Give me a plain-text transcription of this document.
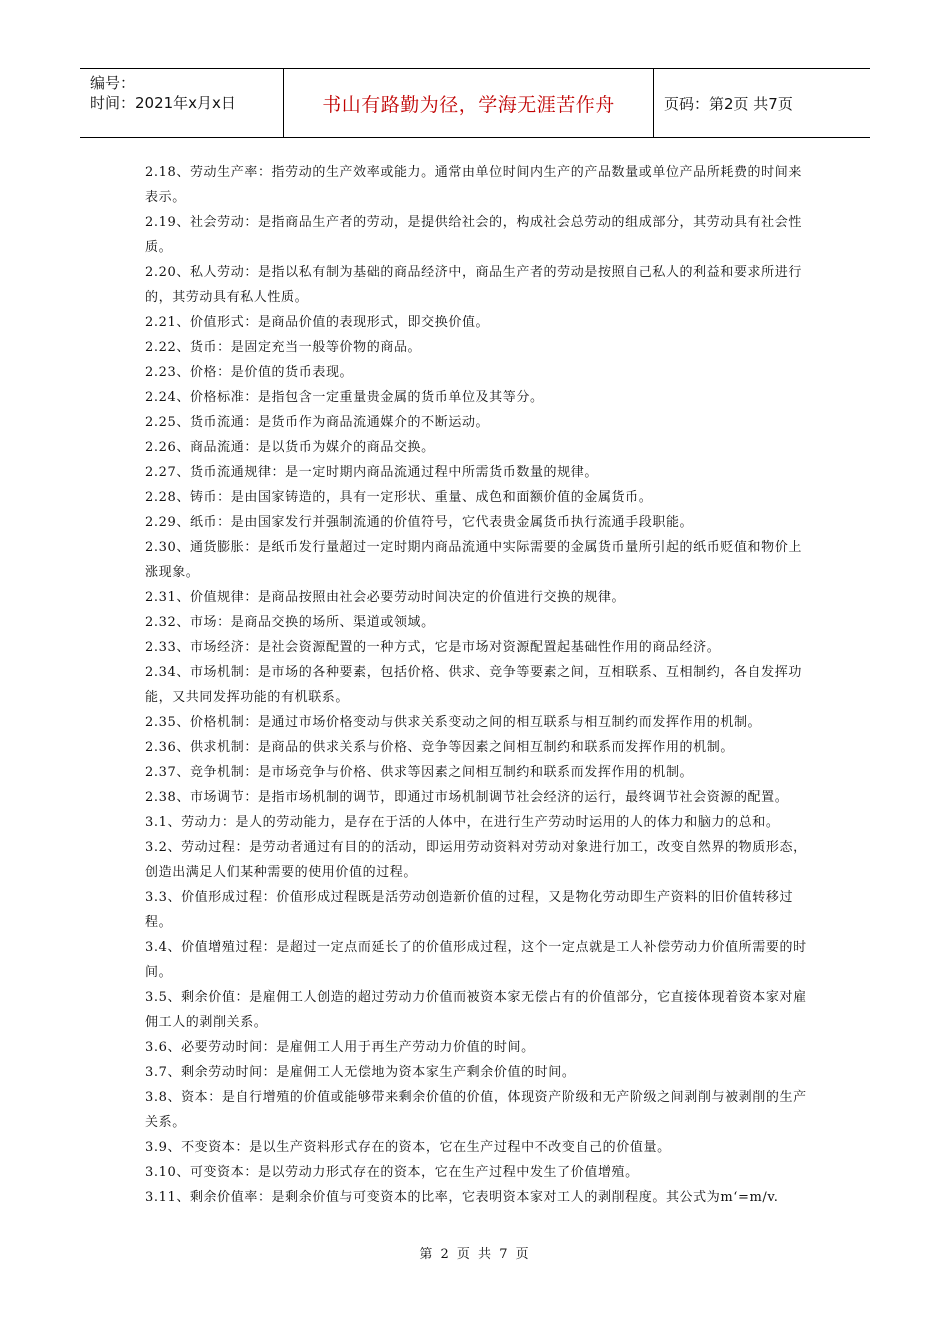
编号：
时间：2021年x月x日	书山有路勤为径，学海无涯苦作舟	页码：第2页 共7页

2.18、劳动生产率：指劳动的生产效率或能力。通常由单位时间内生产的产品数量或单位产品所耗费的时间来表示。

2.19、社会劳动：是指商品生产者的劳动，是提供给社会的，构成社会总劳动的组成部分，其劳动具有社会性质。

2.20、私人劳动：是指以私有制为基础的商品经济中，商品生产者的劳动是按照自己私人的利益和要求所进行的，其劳动具有私人性质。

2.21、价值形式：是商品价值的表现形式，即交换价值。

2.22、货币：是固定充当一般等价物的商品。

2.23、价格：是价值的货币表现。

2.24、价格标准：是指包含一定重量贵金属的货币单位及其等分。

2.25、货币流通：是货币作为商品流通媒介的不断运动。

2.26、商品流通：是以货币为媒介的商品交换。

2.27、货币流通规律：是一定时期内商品流通过程中所需货币数量的规律。

2.28、铸币：是由国家铸造的，具有一定形状、重量、成色和面额价值的金属货币。

2.29、纸币：是由国家发行并强制流通的价值符号，它代表贵金属货币执行流通手段职能。

2.30、通货膨胀：是纸币发行量超过一定时期内商品流通中实际需要的金属货币量所引起的纸币贬值和物价上涨现象。

2.31、价值规律：是商品按照由社会必要劳动时间决定的价值进行交换的规律。

2.32、市场：是商品交换的场所、渠道或领域。

2.33、市场经济：是社会资源配置的一种方式，它是市场对资源配置起基础性作用的商品经济。

2.34、市场机制：是市场的各种要素，包括价格、供求、竞争等要素之间，互相联系、互相制约，各自发挥功能，又共同发挥功能的有机联系。

2.35、价格机制：是通过市场价格变动与供求关系变动之间的相互联系与相互制约而发挥作用的机制。

2.36、供求机制：是商品的供求关系与价格、竞争等因素之间相互制约和联系而发挥作用的机制。

2.37、竞争机制：是市场竞争与价格、供求等因素之间相互制约和联系而发挥作用的机制。

2.38、市场调节：是指市场机制的调节，即通过市场机制调节社会经济的运行，最终调节社会资源的配置。

3.1、劳动力：是人的劳动能力，是存在于活的人体中，在进行生产劳动时运用的人的体力和脑力的总和。

3.2、劳动过程：是劳动者通过有目的的活动，即运用劳动资料对劳动对象进行加工，改变自然界的物质形态，创造出满足人们某种需要的使用价值的过程。

3.3、价值形成过程：价值形成过程既是活劳动创造新价值的过程，又是物化劳动即生产资料的旧价值转移过程。

3.4、价值增殖过程：是超过一定点而延长了的价值形成过程，这个一定点就是工人补偿劳动力价值所需要的时间。

3.5、剩余价值：是雇佣工人创造的超过劳动力价值而被资本家无偿占有的价值部分，它直接体现着资本家对雇佣工人的剥削关系。

3.6、必要劳动时间：是雇佣工人用于再生产劳动力价值的时间。

3.7、剩余劳动时间：是雇佣工人无偿地为资本家生产剩余价值的时间。

3.8、资本：是自行增殖的价值或能够带来剩余价值的价值，体现资产阶级和无产阶级之间剥削与被剥削的生产关系。

3.9、不变资本：是以生产资料形式存在的资本，它在生产过程中不改变自己的价值量。

3.10、可变资本：是以劳动力形式存在的资本，它在生产过程中发生了价值增殖。

3.11、剩余价值率：是剩余价值与可变资本的比率，它表明资本家对工人的剥削程度。其公式为m‘=m/v.

第 2 页 共 7 页
